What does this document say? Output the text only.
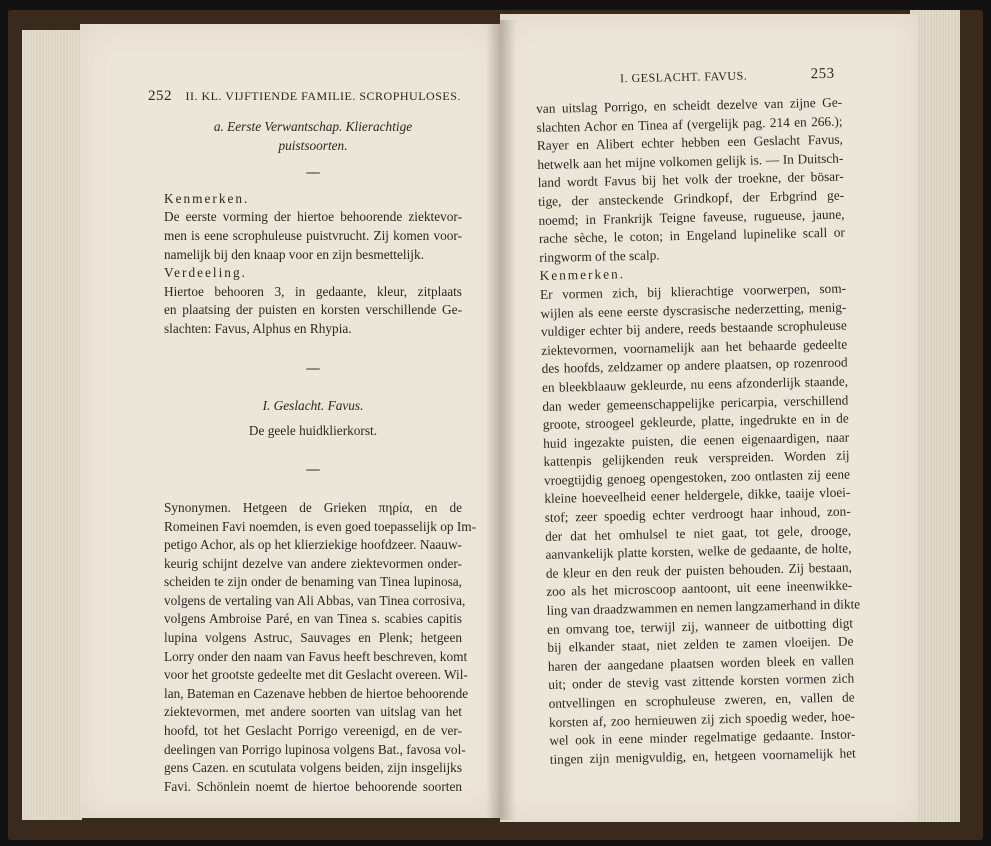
252 II. KL. VIJFTIENDE FAMILIE. SCROPHULOSES.
I. GESLACHT. FAVUS.	253
a. Eerste Verwantschap. Klierachtige
puistsoorten.
—
Kenmerken.
De eerste vorming der hiertoe behoorende ziektevor-
men is eene scrophuleuse puistvrucht. Zij komen voor-
namelijk bij den knaap voor en zijn besmettelijk.
Verdeeling.
Hiertoe behooren 3, in gedaante, kleur, zitplaats
en plaatsing der puisten en korsten verschillende Ge-
slachten: Favus, Alphus en Rhypia.
—
I. Geslacht. Favus.
De geele huidklierkorst.
—
Synonymen. Hetgeen de Grieken πηρία, en de
Romeinen Favi noemden, is even goed toepasselijk op Im-
petigo Achor, als op het klierziekige hoofdzeer. Naauw-
keurig schijnt dezelve van andere ziektevormen onder-
scheiden te zijn onder de benaming van Tinea lupinosa,
volgens de vertaling van Ali Abbas, van Tinea corrosiva,
volgens Ambroise Paré, en van Tinea s. scabies capitis
lupina volgens Astruc, Sauvages en Plenk; hetgeen
Lorry onder den naam van Favus heeft beschreven, komt
voor het grootste gedeelte met dit Geslacht overeen. Wil-
lan, Bateman en Cazenave hebben de hiertoe behoorende
ziektevormen, met andere soorten van uitslag van het
hoofd, tot het Geslacht Porrigo vereenigd, en de ver-
deelingen van Porrigo lupinosa volgens Bat., favosa vol-
gens Cazen. en scutulata volgens beiden, zijn insgelijks
Favi. Schönlein noemt de hiertoe behoorende soorten
van uitslag Porrigo, en scheidt dezelve van zijne Ge-
slachten Achor en Tinea af (vergelijk pag. 214 en 266.);
Rayer en Alibert echter hebben een Geslacht Favus,
hetwelk aan het mijne volkomen gelijk is. — In Duitsch-
land wordt Favus bij het volk der troekne, der bösar-
tige, der ansteckende Grindkopf, der Erbgrind ge-
noemd; in Frankrijk Teigne faveuse, rugueuse, jaune,
rache sèche, le coton; in Engeland lupinelike scall or
ringworm of the scalp.
Kenmerken.
Er vormen zich, bij klierachtige voorwerpen, som-
wijlen als eene eerste dyscrasische nederzetting, menig-
vuldiger echter bij andere, reeds bestaande scrophuleuse
ziektevormen, voornamelijk aan het behaarde gedeelte
des hoofds, zeldzamer op andere plaatsen, op rozenrood
en bleekblaauw gekleurde, nu eens afzonderlijk staande,
dan weder gemeenschappelijke pericarpia, verschillend
groote, stroogeel gekleurde, platte, ingedrukte en in de
huid ingezakte puisten, die eenen eigenaardigen, naar
kattenpis gelijkenden reuk verspreiden. Worden zij
vroegtijdig genoeg opengestoken, zoo ontlasten zij eene
kleine hoeveelheid eener heldergele, dikke, taaije vloei-
stof; zeer spoedig echter verdroogt haar inhoud, zon-
der dat het omhulsel te niet gaat, tot gele, drooge,
aanvankelijk platte korsten, welke de gedaante, de holte,
de kleur en den reuk der puisten behouden. Zij bestaan,
zoo als het microscoop aantoont, uit eene ineenwikke-
ling van draadzwammen en nemen langzamerhand in dikte
en omvang toe, terwijl zij, wanneer de uitbotting digt
bij elkander staat, niet zelden te zamen vloeijen. De
haren der aangedane plaatsen worden bleek en vallen
uit; onder de stevig vast zittende korsten vormen zich
ontvellingen en scrophuleuse zweren, en, vallen de
korsten af, zoo hernieuwen zij zich spoedig weder, hoe-
wel ook in eene minder regelmatige gedaante. Instor-
tingen zijn menigvuldig, en, hetgeen voornamelijk het
